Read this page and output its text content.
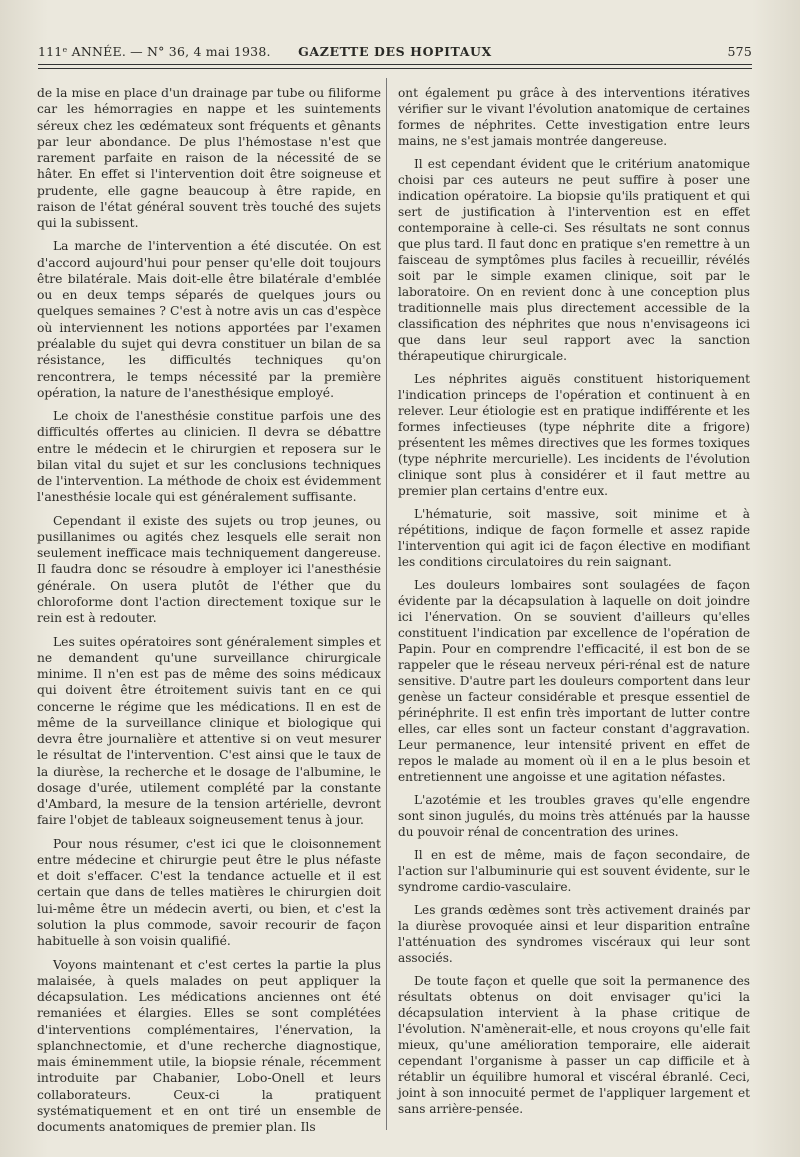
111ᵉ ANNÉE. — N° 36, 4 mai 1938.	GAZETTE DES HOPITAUX	575

de la mise en place d'un drainage par tube ou filiforme car les hémorragies en nappe et les suintements séreux chez les œdémateux sont fréquents et gênants par leur abondance. De plus l'hémostase n'est que rarement parfaite en raison de la nécessité de se hâter. En effet si l'intervention doit être soigneuse et prudente, elle gagne beaucoup à être rapide, en raison de l'état général souvent très touché des sujets qui la subissent.

La marche de l'intervention a été discutée. On est d'accord aujourd'hui pour penser qu'elle doit toujours être bilatérale. Mais doit-elle être bilatérale d'emblée ou en deux temps séparés de quelques jours ou quelques semaines ? C'est à notre avis un cas d'espèce où interviennent les notions apportées par l'examen préalable du sujet qui devra constituer un bilan de sa résistance, les difficultés techniques qu'on rencontrera, le temps nécessité par la première opération, la nature de l'anesthésique employé.

Le choix de l'anesthésie constitue parfois une des difficultés offertes au clinicien. Il devra se débattre entre le médecin et le chirurgien et reposera sur le bilan vital du sujet et sur les conclusions techniques de l'intervention. La méthode de choix est évidemment l'anesthésie locale qui est généralement suffisante.

Cependant il existe des sujets ou trop jeunes, ou pusillanimes ou agités chez lesquels elle serait non seulement inefficace mais techniquement dangereuse. Il faudra donc se résoudre à employer ici l'anesthésie générale. On usera plutôt de l'éther que du chloroforme dont l'action directement toxique sur le rein est à redouter.

Les suites opératoires sont généralement simples et ne demandent qu'une surveillance chirurgicale minime. Il n'en est pas de même des soins médicaux qui doivent être étroitement suivis tant en ce qui concerne le régime que les médications. Il en est de même de la surveillance clinique et biologique qui devra être journalière et attentive si on veut mesurer le résultat de l'intervention. C'est ainsi que le taux de la diurèse, la recherche et le dosage de l'albumine, le dosage d'urée, utilement complété par la constante d'Ambard, la mesure de la tension artérielle, devront faire l'objet de tableaux soigneusement tenus à jour.

Pour nous résumer, c'est ici que le cloisonnement entre médecine et chirurgie peut être le plus néfaste et doit s'effacer. C'est la tendance actuelle et il est certain que dans de telles matières le chirurgien doit lui-même être un médecin averti, ou bien, et c'est la solution la plus commode, savoir recourir de façon habituelle à son voisin qualifié.

Voyons maintenant et c'est certes la partie la plus malaisée, à quels malades on peut appliquer la décapsulation. Les médications anciennes ont été remaniées et élargies. Elles se sont complétées d'interventions complémentaires, l'énervation, la splanchnectomie, et d'une recherche diagnostique, mais éminemment utile, la biopsie rénale, récemment introduite par Chabanier, Lobo-Onell et leurs collaborateurs. Ceux-ci la pratiquent systématiquement et en ont tiré un ensemble de documents anatomiques de premier plan. Ils

ont également pu grâce à des interventions itératives vérifier sur le vivant l'évolution anatomique de certaines formes de néphrites. Cette investigation entre leurs mains, ne s'est jamais montrée dangereuse.

Il est cependant évident que le critérium anatomique choisi par ces auteurs ne peut suffire à poser une indication opératoire. La biopsie qu'ils pratiquent et qui sert de justification à l'intervention est en effet contemporaine à celle-ci. Ses résultats ne sont connus que plus tard. Il faut donc en pratique s'en remettre à un faisceau de symptômes plus faciles à recueillir, révélés soit par le simple examen clinique, soit par le laboratoire. On en revient donc à une conception plus traditionnelle mais plus directement accessible de la classification des néphrites que nous n'envisageons ici que dans leur seul rapport avec la sanction thérapeutique chirurgicale.

Les néphrites aiguës constituent historiquement l'indication princeps de l'opération et continuent à en relever. Leur étiologie est en pratique indifférente et les formes infectieuses (type néphrite dite a frigore) présentent les mêmes directives que les formes toxiques (type néphrite mercurielle). Les incidents de l'évolution clinique sont plus à considérer et il faut mettre au premier plan certains d'entre eux.

L'hématurie, soit massive, soit minime et à répétitions, indique de façon formelle et assez rapide l'intervention qui agit ici de façon élective en modifiant les conditions circulatoires du rein saignant.

Les douleurs lombaires sont soulagées de façon évidente par la décapsulation à laquelle on doit joindre ici l'énervation. On se souvient d'ailleurs qu'elles constituent l'indication par excellence de l'opération de Papin. Pour en comprendre l'efficacité, il est bon de se rappeler que le réseau nerveux péri-rénal est de nature sensitive. D'autre part les douleurs comportent dans leur genèse un facteur considérable et presque essentiel de périnéphrite. Il est enfin très important de lutter contre elles, car elles sont un facteur constant d'aggravation. Leur permanence, leur intensité privent en effet de repos le malade au moment où il en a le plus besoin et entretiennent une angoisse et une agitation néfastes.

L'azotémie et les troubles graves qu'elle engendre sont sinon jugulés, du moins très atténués par la hausse du pouvoir rénal de concentration des urines.

Il en est de même, mais de façon secondaire, de l'action sur l'albuminurie qui est souvent évidente, sur le syndrome cardio-vasculaire.

Les grands œdèmes sont très activement drainés par la diurèse provoquée ainsi et leur disparition entraîne l'atténuation des syndromes viscéraux qui leur sont associés.

De toute façon et quelle que soit la permanence des résultats obtenus on doit envisager qu'ici la décapsulation intervient à la phase critique de l'évolution. N'amènerait-elle, et nous croyons qu'elle fait mieux, qu'une amélioration temporaire, elle aiderait cependant l'organisme à passer un cap difficile et à rétablir un équilibre humoral et viscéral ébranlé. Ceci, joint à son innocuité permet de l'appliquer largement et sans arrière-pensée.
